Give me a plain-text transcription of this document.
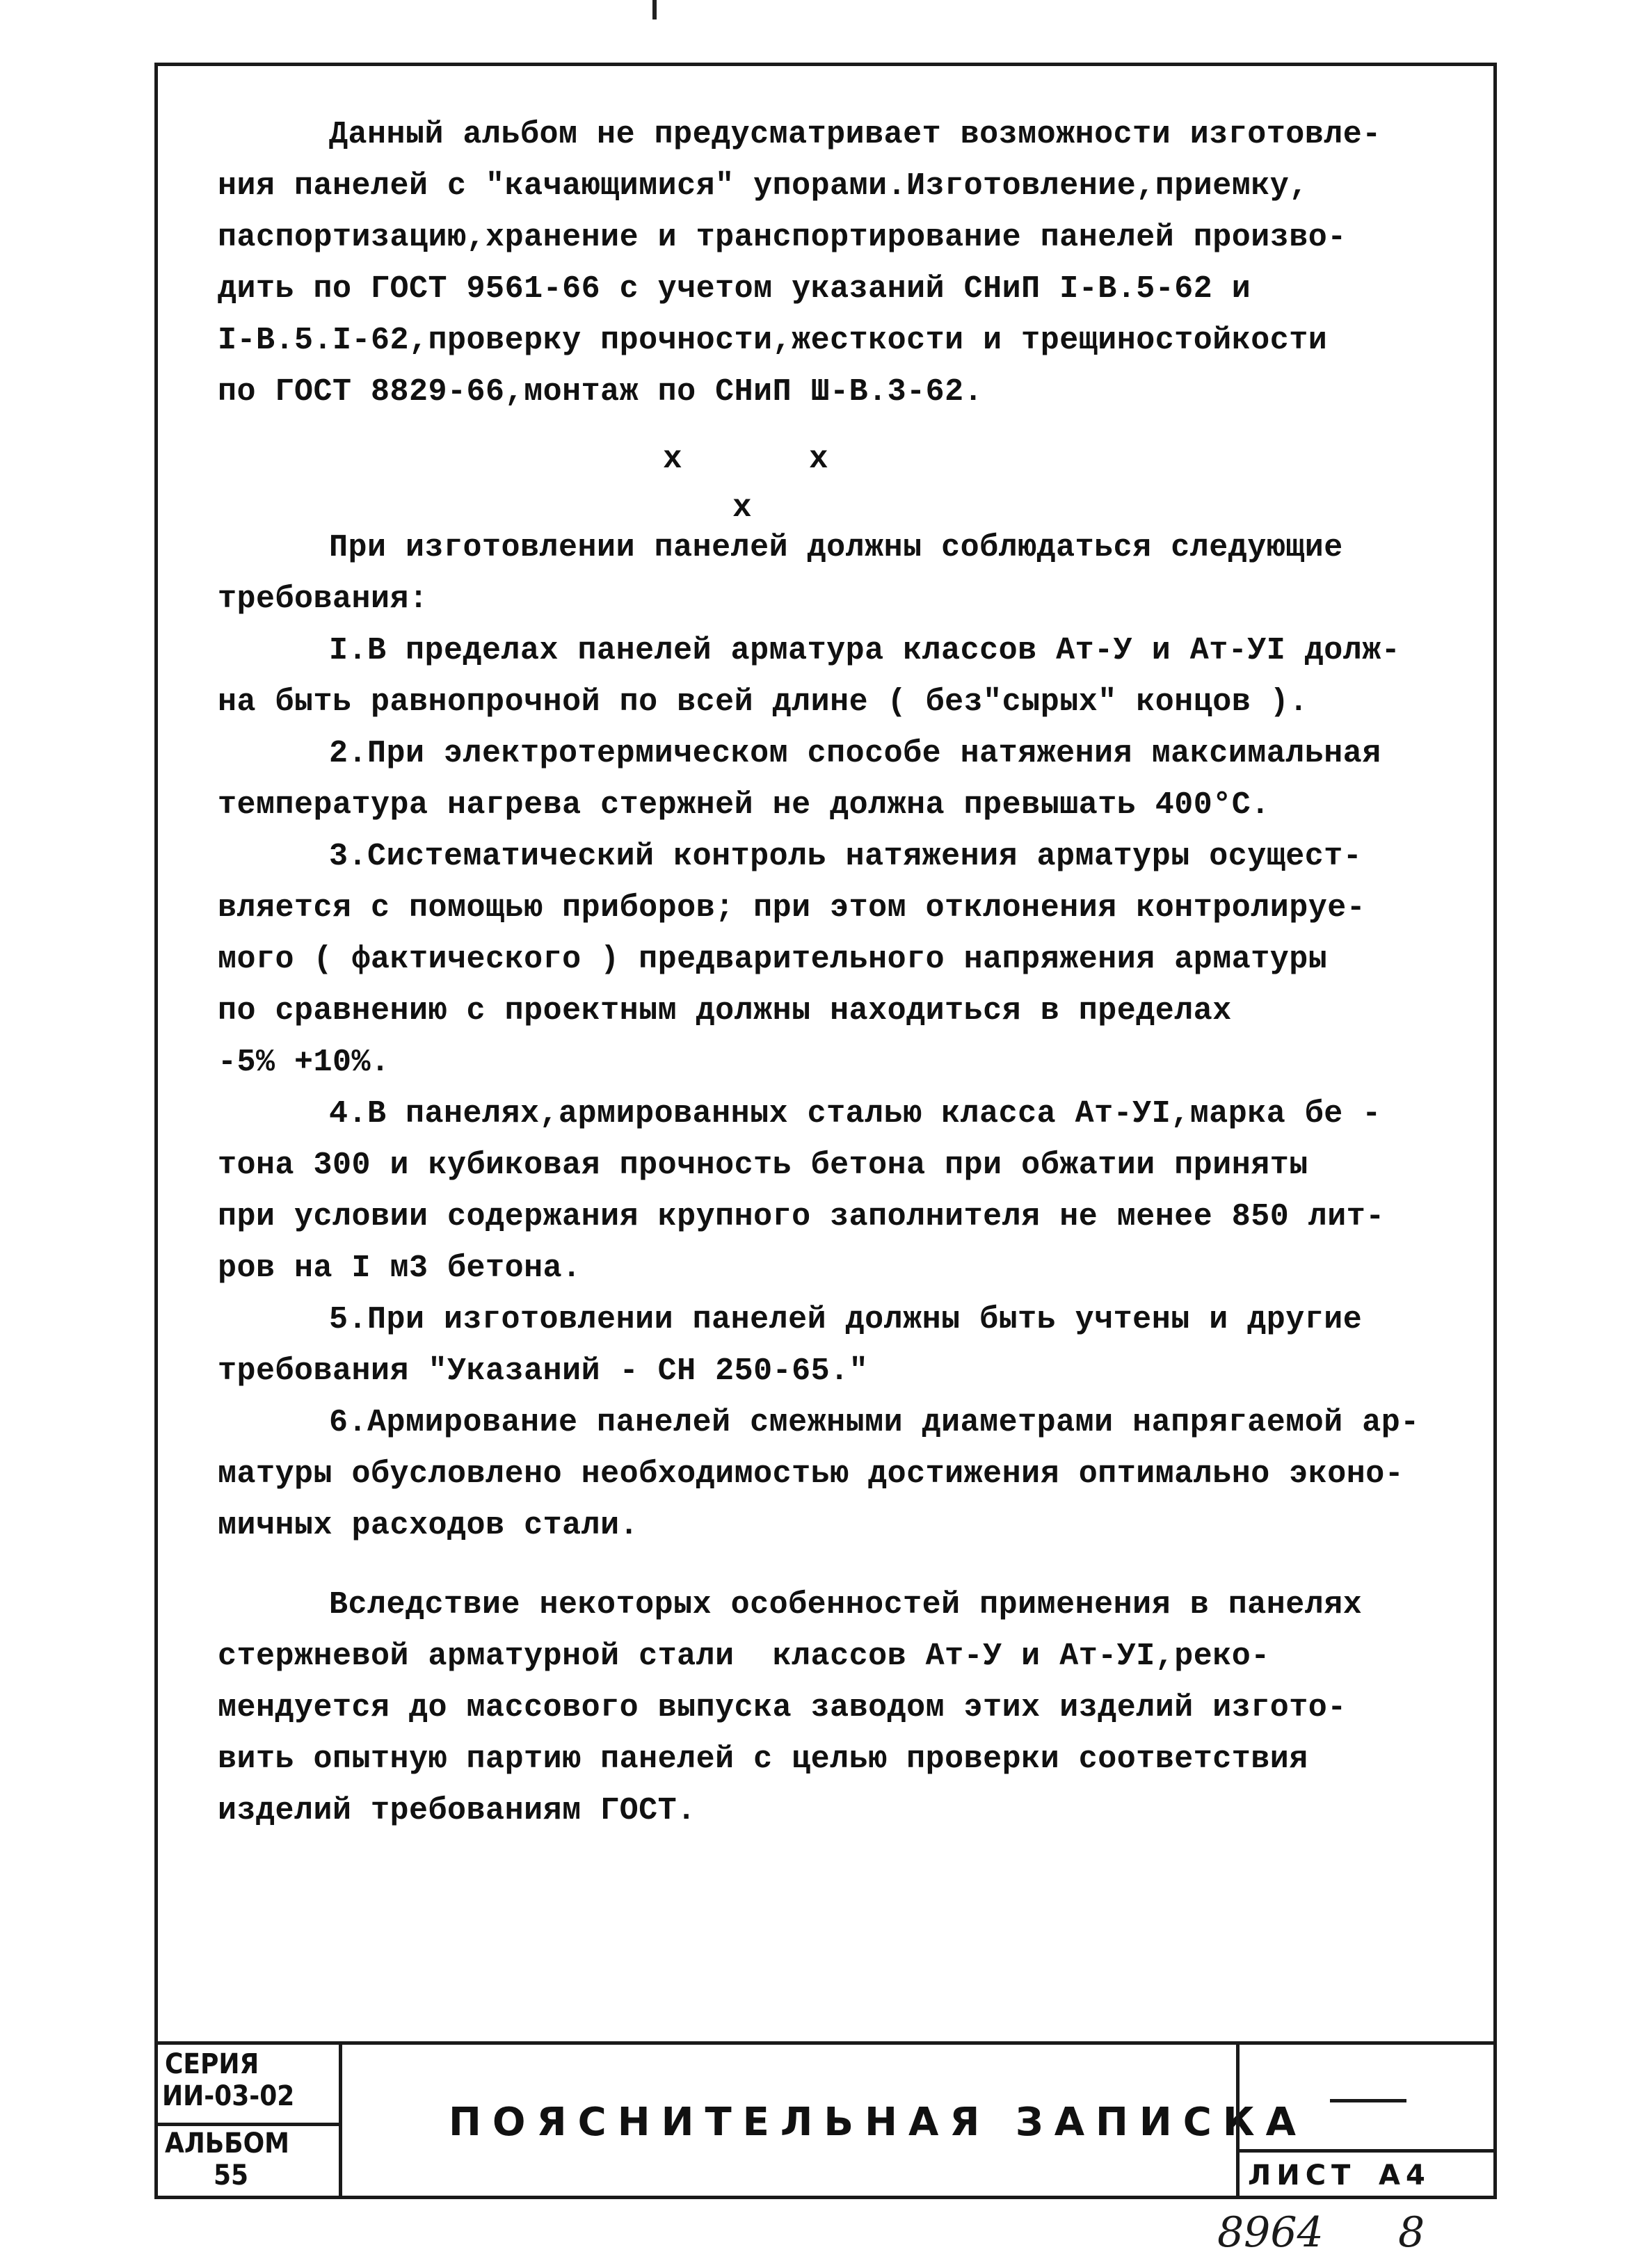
Данный альбом не предусматривает возможности изготовле-

ния панелей с "качающимися" упорами.Изготовление,приемку,

паспортизацию,хранение и транспортирование панелей произво-

дить по ГОСТ 9561-66 с учетом указаний СНиП I-В.5-62 и

I-В.5.I-62,проверку прочности,жесткости и трещиностойкости

по ГОСТ 8829-66,монтаж по СНиП Ш-В.3-62.

x	x
x

При изготовлении панелей должны соблюдаться следующие

требования:

I.В пределах панелей арматура классов Ат-У и Ат-УI долж-

на быть равнопрочной по всей длине ( без"сырых" концов ).

2.При электротермическом способе натяжения максимальная

температура нагрева стержней не должна превышать 400°С.

3.Систематический контроль натяжения арматуры осущест-

вляется с помощью приборов; при этом отклонения контролируе-

мого ( фактического ) предварительного напряжения арматуры

по сравнению с проектным должны находиться в пределах

-5% +10%.

4.В панелях,армированных сталью класса Ат-УI,марка бе -

тона 300 и кубиковая прочность бетона при обжатии приняты

при условии содержания крупного заполнителя не менее 850 лит-

ров на I м3 бетона.

5.При изготовлении панелей должны быть учтены и другие

требования "Указаний - СН 250-65."

6.Армирование панелей смежными диаметрами напрягаемой ар-

матуры обусловлено необходимостью достижения оптимально эконо-

мичных расходов стали.

Вследствие некоторых особенностей применения в панелях

стержневой арматурной стали  классов Ат-У и Ат-УI,реко-

мендуется до массового выпуска заводом этих изделий изгото-

вить опытную партию панелей с целью проверки соответствия

изделий требованиям ГОСТ.

СЕРИЯ
ИИ-03-02
АЛЬБОМ
55
ПОЯСНИТЕЛЬНАЯ ЗАПИСКА
ЛИСТ А4
8964 8
